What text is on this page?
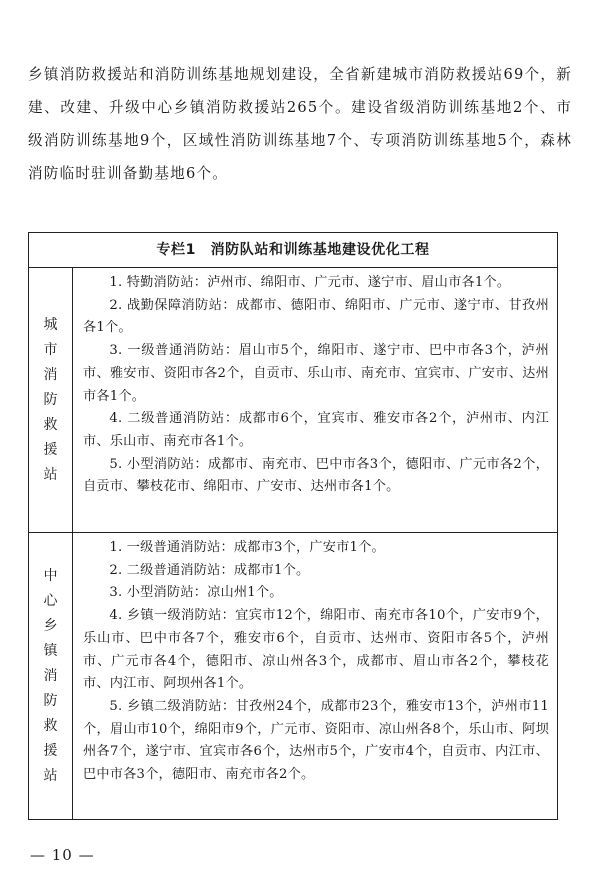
乡镇消防救援站和消防训练基地规划建设，全省新建城市消防救援站69个，新建、改建、升级中心乡镇消防救援站265个。建设省级消防训练基地2个、市级消防训练基地9个，区域性消防训练基地7个、专项消防训练基地5个，森林消防临时驻训备勤基地6个。

专栏1　消防队站和训练基地建设优化工程
城市消防救援站

1. 特勤消防站：泸州市、绵阳市、广元市、遂宁市、眉山市各1个。

2. 战勤保障消防站：成都市、德阳市、绵阳市、广元市、遂宁市、甘孜州各1个。

3. 一级普通消防站：眉山市5个，绵阳市、遂宁市、巴中市各3个，泸州市、雅安市、资阳市各2个，自贡市、乐山市、南充市、宜宾市、广安市、达州市各1个。

4. 二级普通消防站：成都市6个，宜宾市、雅安市各2个，泸州市、内江市、乐山市、南充市各1个。

5. 小型消防站：成都市、南充市、巴中市各3个，德阳市、广元市各2个，自贡市、攀枝花市、绵阳市、广安市、达州市各1个。

中心乡镇消防救援站

1. 一级普通消防站：成都市3个，广安市1个。

2. 二级普通消防站：成都市1个。

3. 小型消防站：凉山州1个。

4. 乡镇一级消防站：宜宾市12个，绵阳市、南充市各10个，广安市9个，乐山市、巴中市各7个，雅安市6个，自贡市、达州市、资阳市各5个，泸州市、广元市各4个，德阳市、凉山州各3个，成都市、眉山市各2个，攀枝花市、内江市、阿坝州各1个。

5. 乡镇二级消防站：甘孜州24个，成都市23个，雅安市13个，泸州市11个，眉山市10个，绵阳市9个，广元市、资阳市、凉山州各8个，乐山市、阿坝州各7个，遂宁市、宜宾市各6个，达州市5个，广安市4个，自贡市、内江市、巴中市各3个，德阳市、南充市各2个。

— 10 —
